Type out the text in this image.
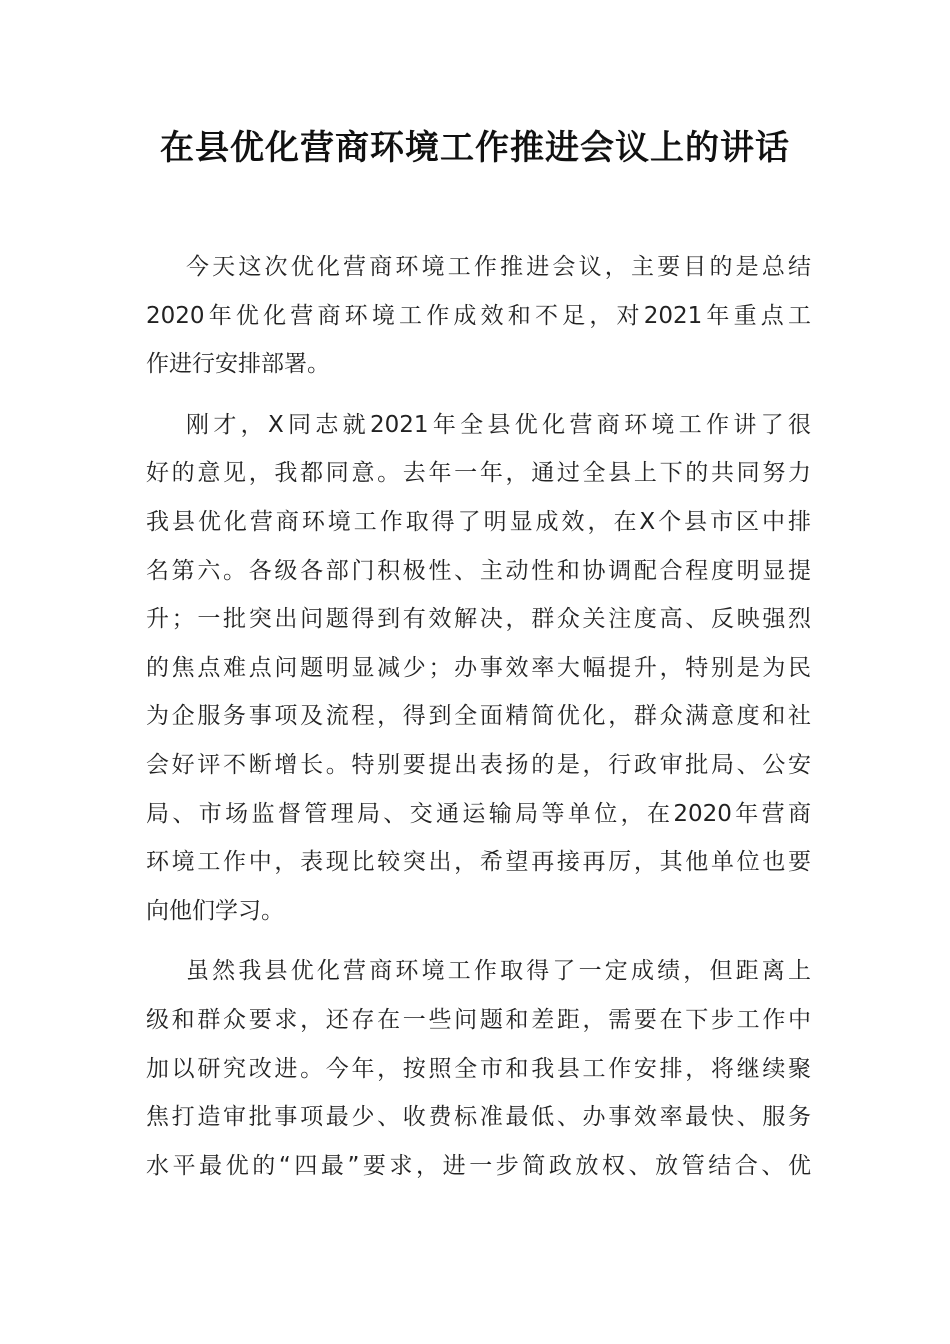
在县优化营商环境工作推进会议上的讲话
今天这次优化营商环境工作推进会议，主要目的是总结
2020年优化营商环境工作成效和不足，对2021年重点工
作进行安排部署。
刚才，X同志就2021年全县优化营商环境工作讲了很
好的意见，我都同意。去年一年，通过全县上下的共同努力
我县优化营商环境工作取得了明显成效，在X个县市区中排
名第六。各级各部门积极性、主动性和协调配合程度明显提
升；一批突出问题得到有效解决，群众关注度高、反映强烈
的焦点难点问题明显减少；办事效率大幅提升，特别是为民
为企服务事项及流程，得到全面精简优化，群众满意度和社
会好评不断增长。特别要提出表扬的是，行政审批局、公安
局、市场监督管理局、交通运输局等单位，在2020年营商
环境工作中，表现比较突出，希望再接再厉，其他单位也要
向他们学习。
虽然我县优化营商环境工作取得了一定成绩，但距离上
级和群众要求，还存在一些问题和差距，需要在下步工作中
加以研究改进。今年，按照全市和我县工作安排，将继续聚
焦打造审批事项最少、收费标准最低、办事效率最快、服务
水平最优的“四最”要求，进一步简政放权、放管结合、优
